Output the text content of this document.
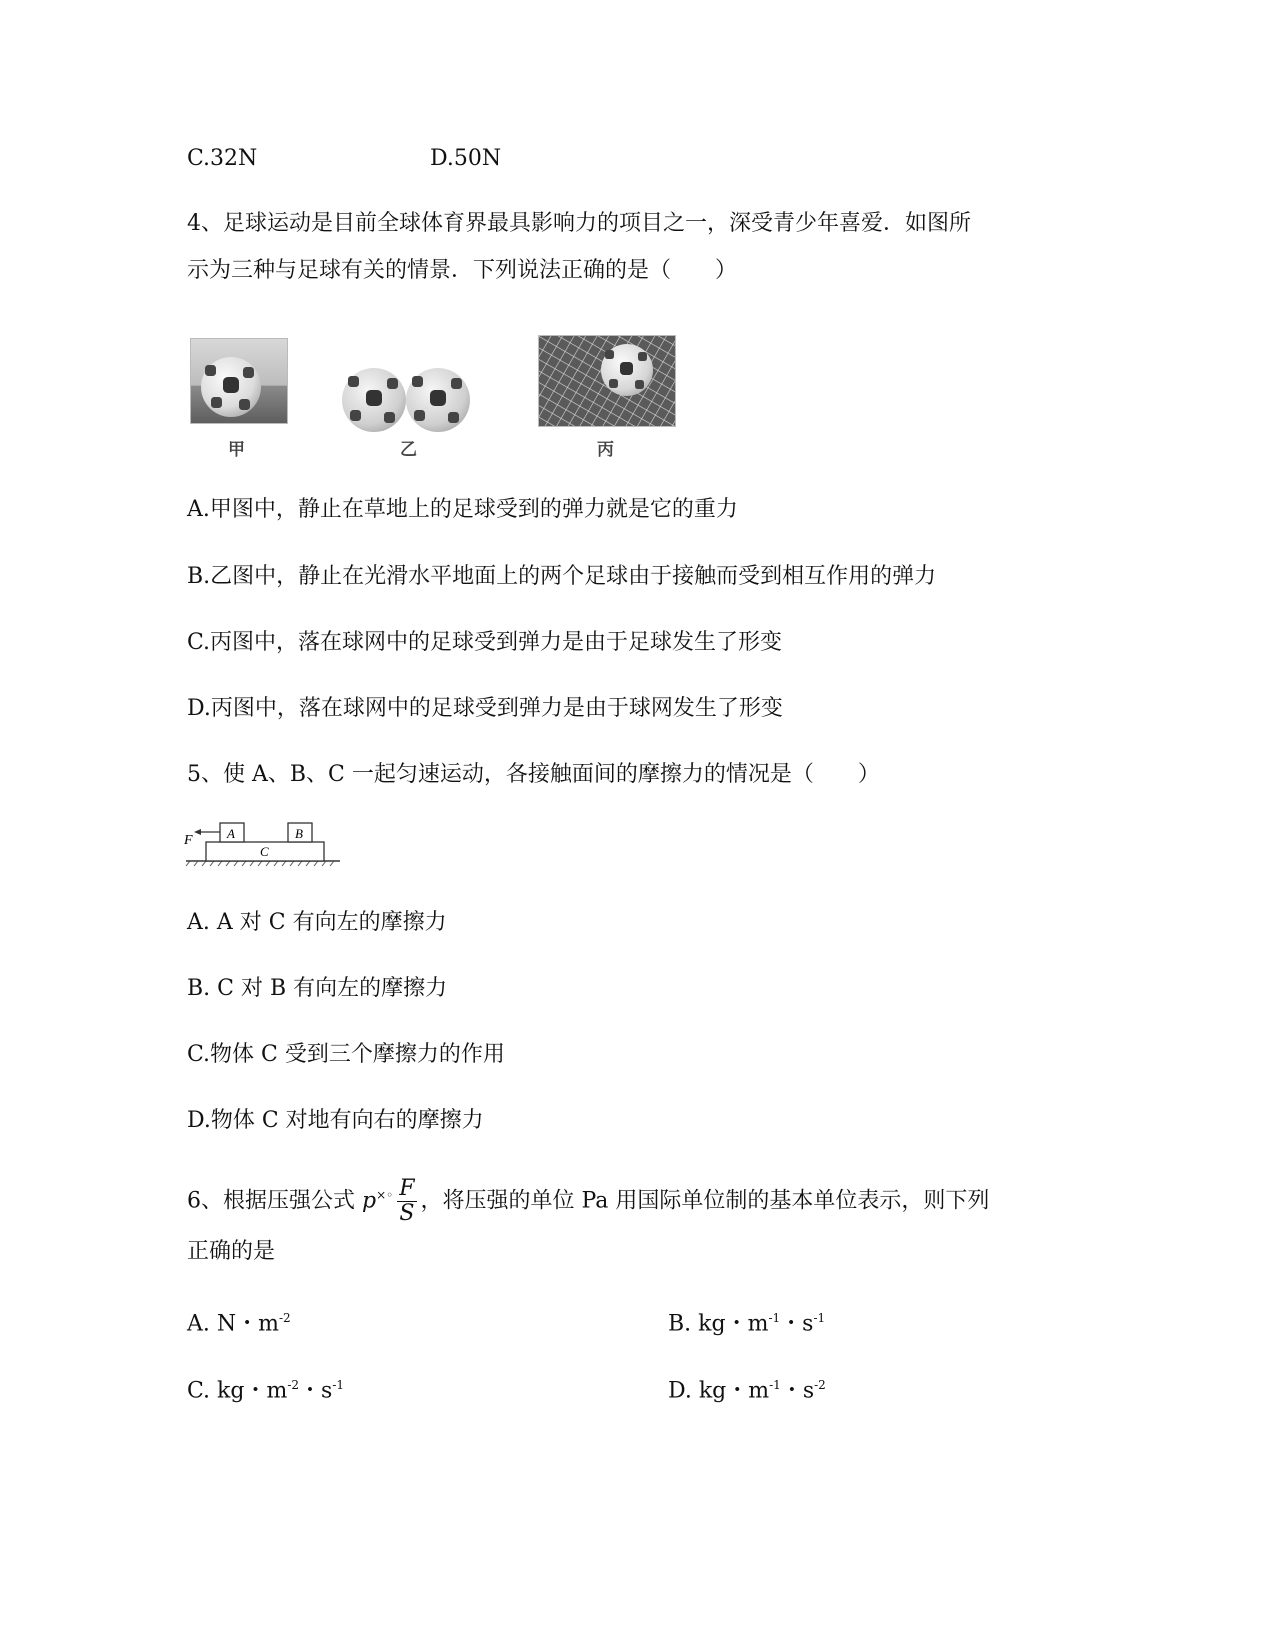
C.32N	D.50N
4、足球运动是目前全球体育界最具影响力的项目之一，深受青少年喜爱．如图所
示为三种与足球有关的情景．下列说法正确的是（　　）
甲	乙	丙
A.甲图中，静止在草地上的足球受到的弹力就是它的重力
B.乙图中，静止在光滑水平地面上的两个足球由于接触而受到相互作用的弹力
C.丙图中，落在球网中的足球受到弹力是由于足球发生了形变
D.丙图中，落在球网中的足球受到弹力是由于球网发生了形变
5、使 A、B、C 一起匀速运动，各接触面间的摩擦力的情况是（　　）
F	A	B
C
A. A 对 C 有向左的摩擦力
B. C 对 B 有向左的摩擦力
C.物体 C 受到三个摩擦力的作用
D.物体 C 对地有向右的摩擦力
6、根据压强公式 $p^{\times◦} \frac{F}{S}$ ，将压强的单位 Pa 用国际单位制的基本单位表示，则下列
正确的是
A. N・$m^{-2}$	B. kg・$m^{-1}$・$s^{-1}$
C. kg・$m^{-2}$・$s^{-1}$	D. kg・$m^{-1}$・$s^{-2}$
